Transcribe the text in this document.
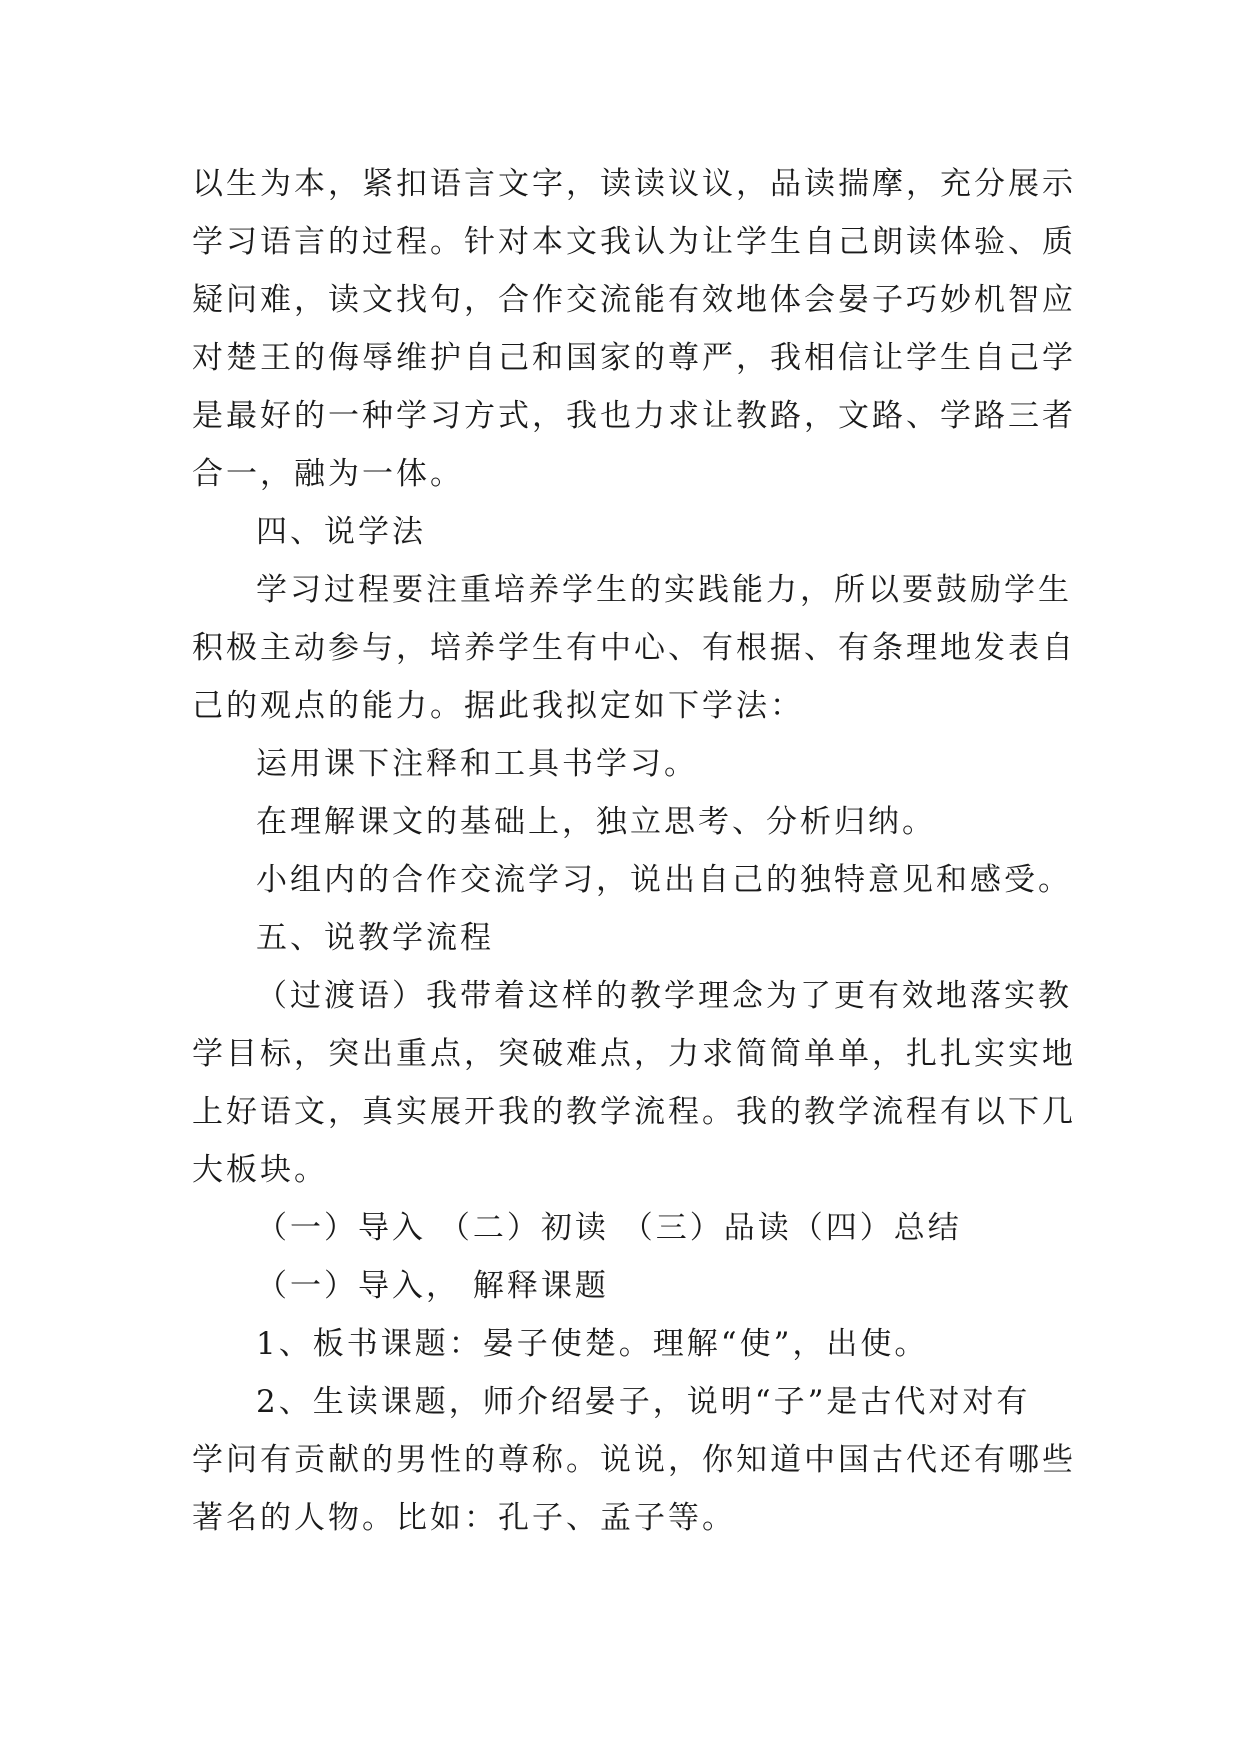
以生为本，紧扣语言文字，读读议议，品读揣摩，充分展示
学习语言的过程。针对本文我认为让学生自己朗读体验、质
疑问难，读文找句，合作交流能有效地体会晏子巧妙机智应
对楚王的侮辱维护自己和国家的尊严，我相信让学生自己学
是最好的一种学习方式，我也力求让教路，文路、学路三者
合一，融为一体。
四、说学法
学习过程要注重培养学生的实践能力，所以要鼓励学生
积极主动参与，培养学生有中心、有根据、有条理地发表自
己的观点的能力。据此我拟定如下学法：
运用课下注释和工具书学习。
在理解课文的基础上，独立思考、分析归纳。
小组内的合作交流学习，说出自己的独特意见和感受。
五、说教学流程
（过渡语）我带着这样的教学理念为了更有效地落实教
学目标，突出重点，突破难点，力求简简单单，扎扎实实地
上好语文，真实展开我的教学流程。我的教学流程有以下几
大板块。
（一）导入 （二）初读 （三）品读（四）总结
（一）导入， 解释课题
1、板书课题：晏子使楚。理解“使”，出使。
2、生读课题，师介绍晏子，说明“子”是古代对对有
学问有贡献的男性的尊称。说说，你知道中国古代还有哪些
著名的人物。比如：孔子、孟子等。
